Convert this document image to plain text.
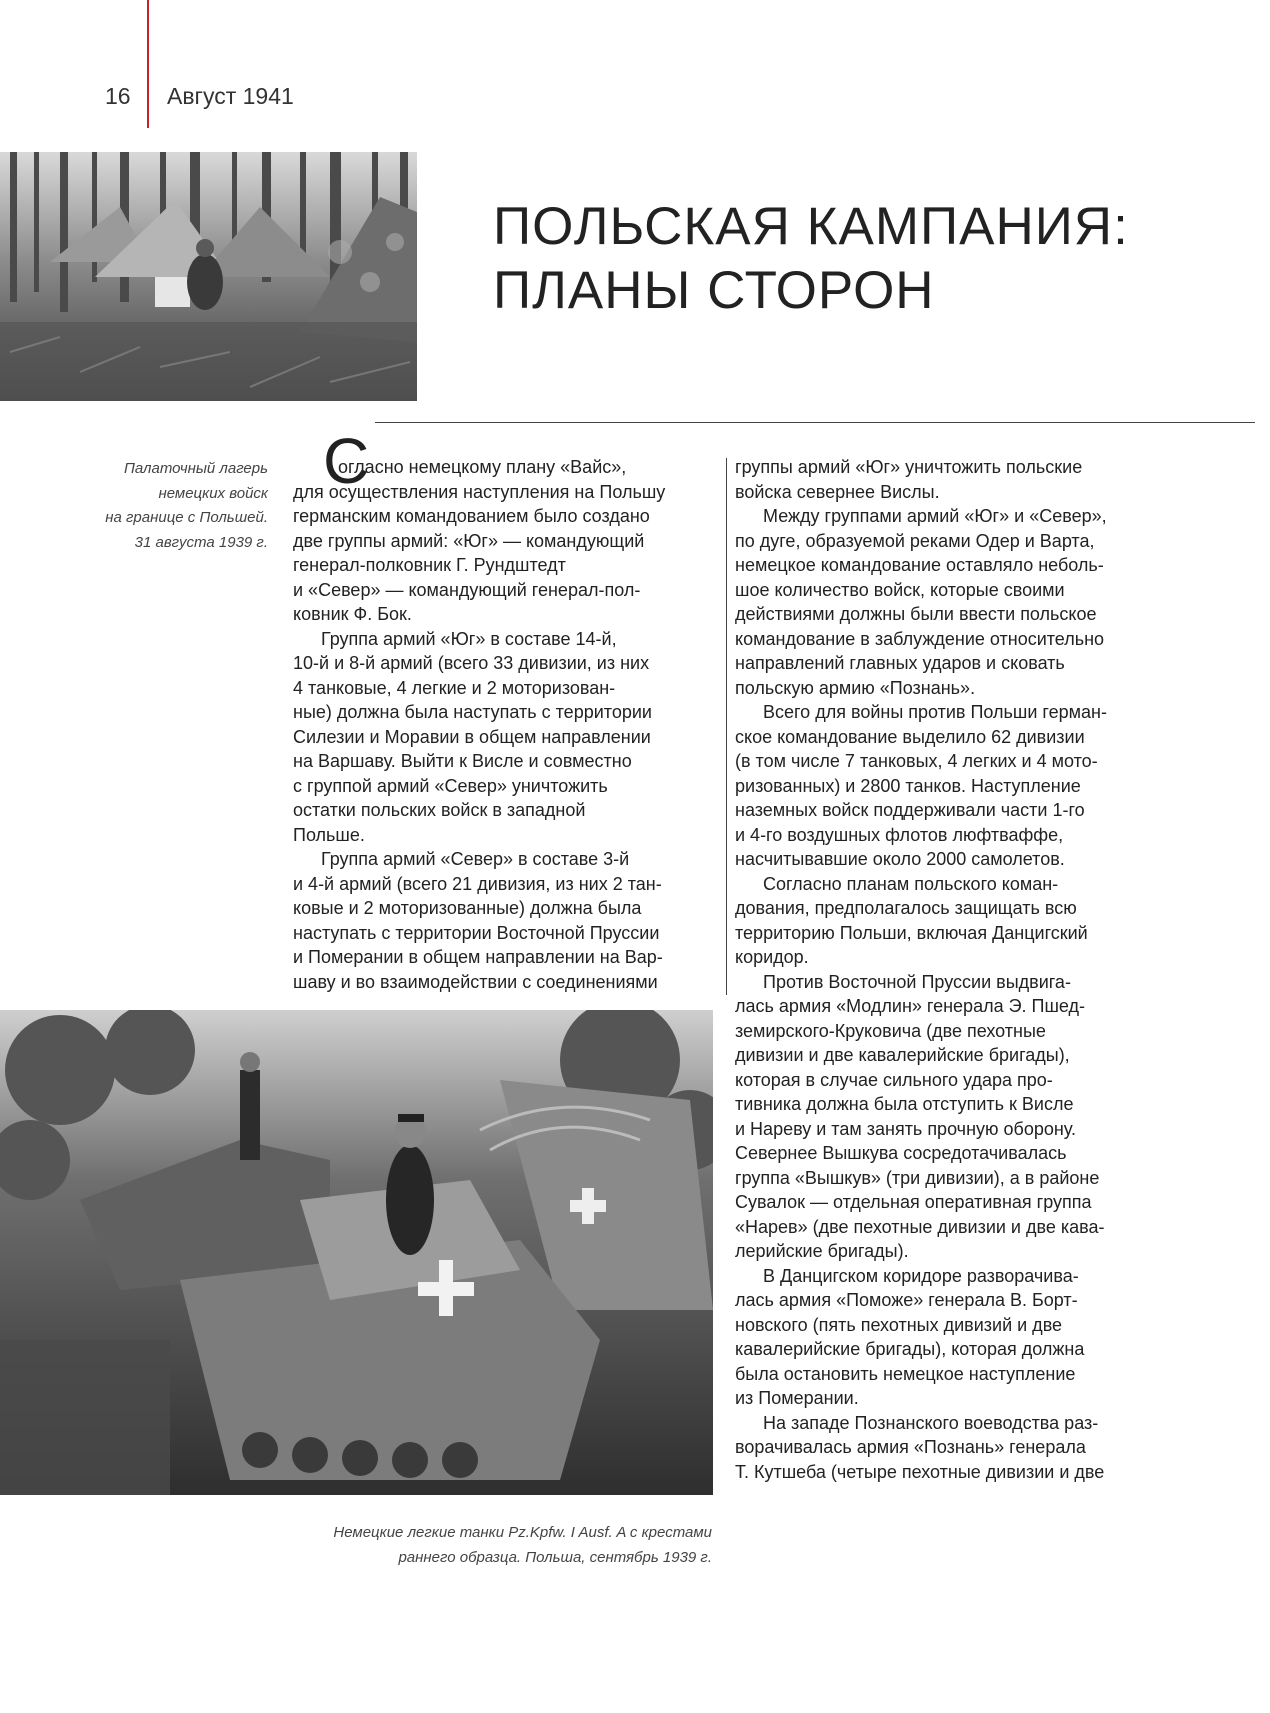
16 Август 1941
ПОЛЬСКАЯ КАМПАНИЯ:
ПЛАНЫ СТОРОН
Палаточный лагерь
немецких войск
на границе с Польшей.
31 августа 1939 г.
С
огласно немецкому плану «Вайс»,
для осуществления наступления на Польшу
германским командованием было создано
две группы армий: «Юг» — командующий
генерал-полковник Г. Рундштедт
и «Север» — командующий генерал-пол-
ковник Ф. Бок.
Группа армий «Юг» в составе 14-й,
10-й и 8-й армий (всего 33 дивизии, из них
4 танковые, 4 легкие и 2 моторизован-
ные) должна была наступать с территории
Силезии и Моравии в общем направлении
на Варшаву. Выйти к Висле и совместно
с группой армий «Север» уничтожить
остатки польских войск в западной
Польше.
Группа армий «Север» в составе 3-й
и 4-й армий (всего 21 дивизия, из них 2 тан-
ковые и 2 моторизованные) должна была
наступать с территории Восточной Пруссии
и Померании в общем направлении на Вар-
шаву и во взаимодействии с соединениями
группы армий «Юг» уничтожить польские
войска севернее Вислы.
Между группами армий «Юг» и «Север»,
по дуге, образуемой реками Одер и Варта,
немецкое командование оставляло неболь-
шое количество войск, которые своими
действиями должны были ввести польское
командование в заблуждение относительно
направлений главных ударов и сковать
польскую армию «Познань».
Всего для войны против Польши герман-
ское командование выделило 62 дивизии
(в том числе 7 танковых, 4 легких и 4 мото-
ризованных) и 2800 танков. Наступление
наземных войск поддерживали части 1-го
и 4-го воздушных флотов люфтваффе,
насчитывавшие около 2000 самолетов.
Согласно планам польского коман-
дования, предполагалось защищать всю
территорию Польши, включая Данцигский
коридор.
Против Восточной Пруссии выдвига-
лась армия «Модлин» генерала Э. Пшед-
земирского-Круковича (две пехотные
дивизии и две кавалерийские бригады),
которая в случае сильного удара про-
тивника должна была отступить к Висле
и Нареву и там занять прочную оборону.
Севернее Вышкува сосредотачивалась
группа «Вышкув» (три дивизии), а в районе
Сувалок — отдельная оперативная группа
«Нарев» (две пехотные дивизии и две кава-
лерийские бригады).
В Данцигском коридоре разворачива-
лась армия «Поможе» генерала В. Борт-
новского (пять пехотных дивизий и две
кавалерийские бригады), которая должна
была остановить немецкое наступление
из Померании.
На западе Познанского воеводства раз-
ворачивалась армия «Познань» генерала
Т. Кутшеба (четыре пехотные дивизии и две
Немецкие легкие танки Pz.Kpfw. I Ausf. A с крестами
раннего образца. Польша, сентябрь 1939 г.
